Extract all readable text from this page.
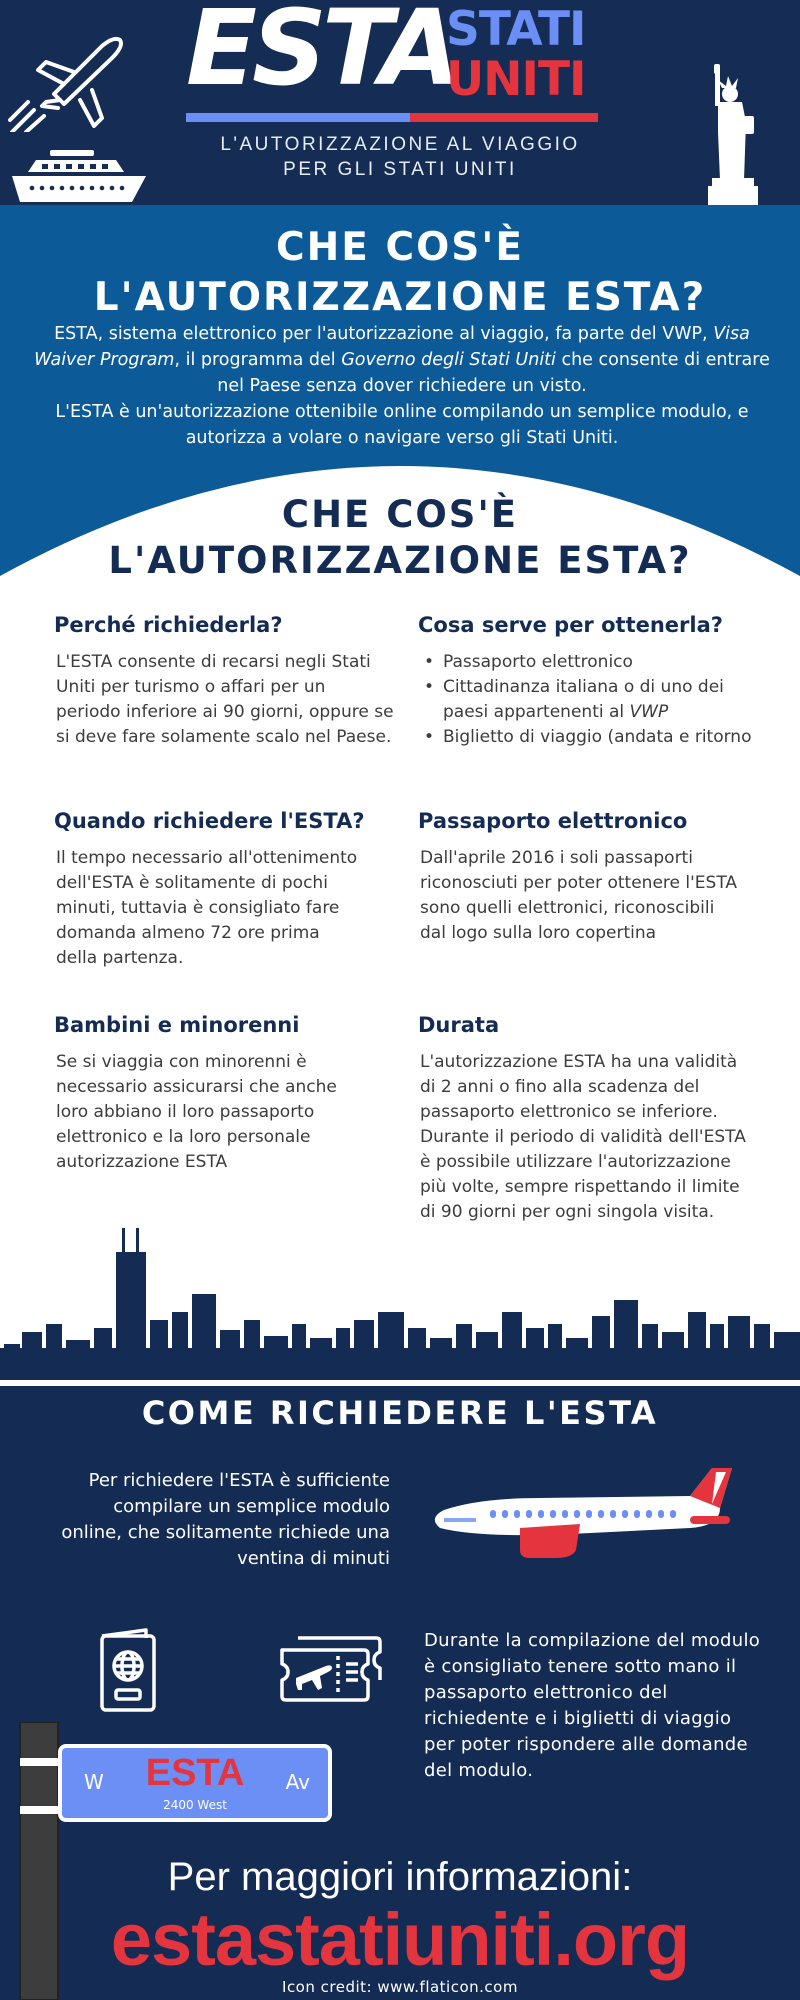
ESTA
STATI
UNITI
L'AUTORIZZAZIONE AL VIAGGIO
PER GLI STATI UNITI
CHE COS'È
L'AUTORIZZAZIONE ESTA?
ESTA, sistema elettronico per l'autorizzazione al viaggio, fa parte del VWP, Visa Waiver Program, il programma del Governo degli Stati Uniti che consente di entrare nel Paese senza dover richiedere un visto.
L'ESTA è un'autorizzazione ottenibile online compilando un semplice modulo, e autorizza a volare o navigare verso gli Stati Uniti.
CHE COS'È
L'AUTORIZZAZIONE ESTA?
Perché richiederla?

L'ESTA consente di recarsi negli Stati Uniti per turismo o affari per un periodo inferiore ai 90 giorni, oppure se si deve fare solamente scalo nel Paese.

Cosa serve per ottenerla?
• Passaporto elettronico
• Cittadinanza italiana o di uno dei paesi appartenenti al VWP
• Biglietto di viaggio (andata e ritorno
Quando richiedere l'ESTA?

Il tempo necessario all'ottenimento dell'ESTA è solitamente di pochi minuti, tuttavia è consigliato fare domanda almeno 72 ore prima della partenza.

Passaporto elettronico

Dall'aprile 2016 i soli passaporti riconosciuti per poter ottenere l'ESTA sono quelli elettronici, riconoscibili dal logo sulla loro copertina

Bambini e minorenni

Se si viaggia con minorenni è necessario assicurarsi che anche loro abbiano il loro passaporto elettronico e la loro personale autorizzazione ESTA

Durata

L'autorizzazione ESTA ha una validità di 2 anni o fino alla scadenza del passaporto elettronico se inferiore. Durante il periodo di validità dell'ESTA è possibile utilizzare l'autorizzazione più volte, sempre rispettando il limite di 90 giorni per ogni singola visita.

COME RICHIEDERE L'ESTA
Per richiedere l'ESTA è sufficiente compilare un semplice modulo online, che solitamente richiede una ventina di minuti
Durante la compilazione del modulo è consigliato tenere sotto mano il passaporto elettronico del richiedente e i biglietti di viaggio per poter rispondere alle domande del modulo.
W	ESTA	Av
2400 West
Per maggiori informazioni:
estastatiuniti.org
Icon credit: www.flaticon.com
